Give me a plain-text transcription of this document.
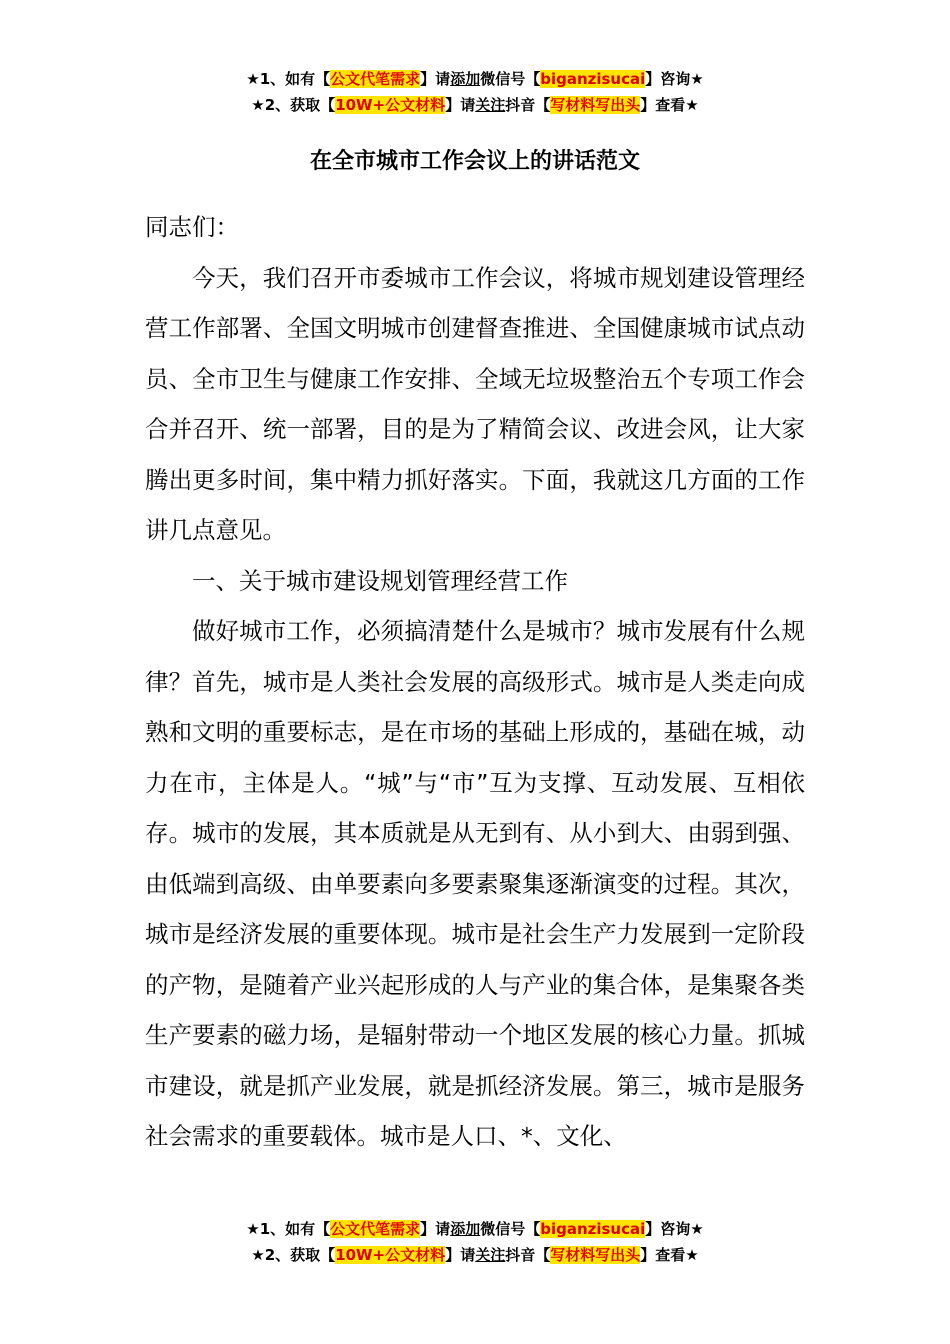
★1、如有【公文代笔需求】请添加微信号【biganzisucai】咨询★
★2、获取【10W+公文材料】请关注抖音【写材料写出头】查看★
在全市城市工作会议上的讲话范文

同志们：

今天，我们召开市委城市工作会议，将城市规划建设管理经营工作部署、全国文明城市创建督查推进、全国健康城市试点动员、全市卫生与健康工作安排、全域无垃圾整治五个专项工作会合并召开、统一部署，目的是为了精简会议、改进会风，让大家腾出更多时间，集中精力抓好落实。下面，我就这几方面的工作讲几点意见。

一、关于城市建设规划管理经营工作

做好城市工作，必须搞清楚什么是城市？城市发展有什么规律？首先，城市是人类社会发展的高级形式。城市是人类走向成熟和文明的重要标志，是在市场的基础上形成的，基础在城，动力在市，主体是人。“城”与“市”互为支撑、互动发展、互相依存。城市的发展，其本质就是从无到有、从小到大、由弱到强、由低端到高级、由单要素向多要素聚集逐渐演变的过程。其次，城市是经济发展的重要体现。城市是社会生产力发展到一定阶段的产物，是随着产业兴起形成的人与产业的集合体，是集聚各类生产要素的磁力场，是辐射带动一个地区发展的核心力量。抓城市建设，就是抓产业发展，就是抓经济发展。第三，城市是服务社会需求的重要载体。城市是人口、*、文化、

★1、如有【公文代笔需求】请添加微信号【biganzisucai】咨询★
★2、获取【10W+公文材料】请关注抖音【写材料写出头】查看★
